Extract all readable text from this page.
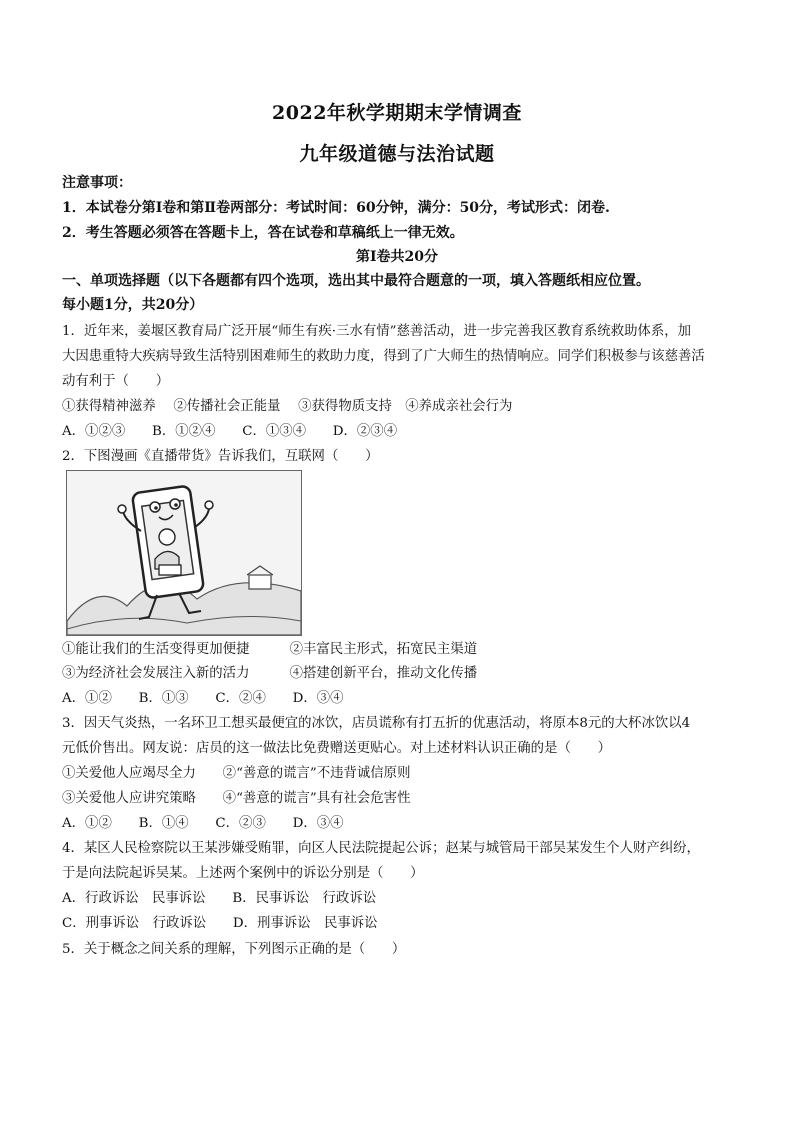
2022年秋学期期末学情调查
九年级道德与法治试题
注意事项：
1．本试卷分第Ⅰ卷和第Ⅱ卷两部分：考试时间：60分钟，满分：50分，考试形式：闭卷.
2．考生答题必须答在答题卡上，答在试卷和草稿纸上一律无效。
第Ⅰ卷共20分
一、单项选择题（以下各题都有四个选项，选出其中最符合题意的一项，填入答题纸相应位置。
每小题1分，共20分）
1．近年来，姜堰区教育局广泛开展“师生有疾·三水有情”慈善活动，进一步完善我区教育系统救助体系，加
大因患重特大疾病导致生活特别困难师生的救助力度，得到了广大师生的热情响应。同学们积极参与该慈善活
动有利于（　　）
①获得精神滋养　 ②传播社会正能量　 ③获得物质支持　④养成亲社会行为
A．①②③　　B．①②④　　C．①③④　　D．②③④
2．下图漫画《直播带货》告诉我们，互联网（　　）
①能让我们的生活变得更加便捷　　　②丰富民主形式，拓宽民主渠道
③为经济社会发展注入新的活力　　　④搭建创新平台，推动文化传播
A．①②　　B．①③　　C．②④　　D．③④
3．因天气炎热，一名环卫工想买最便宜的冰饮，店员谎称有打五折的优惠活动，将原本8元的大杯冰饮以4
元低价售出。网友说：店员的这一做法比免费赠送更贴心。对上述材料认识正确的是（　　）
①关爱他人应竭尽全力　　②“善意的谎言”不违背诚信原则
③关爱他人应讲究策略　　④“善意的谎言”具有社会危害性
A．①②　　B．①④　　C．②③　　D．③④
4．某区人民检察院以王某涉嫌受贿罪，向区人民法院提起公诉；赵某与城管局干部吴某发生个人财产纠纷，
于是向法院起诉吴某。上述两个案例中的诉讼分别是（　　）
A．行政诉讼　民事诉讼　　B．民事诉讼　行政诉讼
C．刑事诉讼　行政诉讼　　D．刑事诉讼　民事诉讼
5．关于概念之间关系的理解，下列图示正确的是（　　）
